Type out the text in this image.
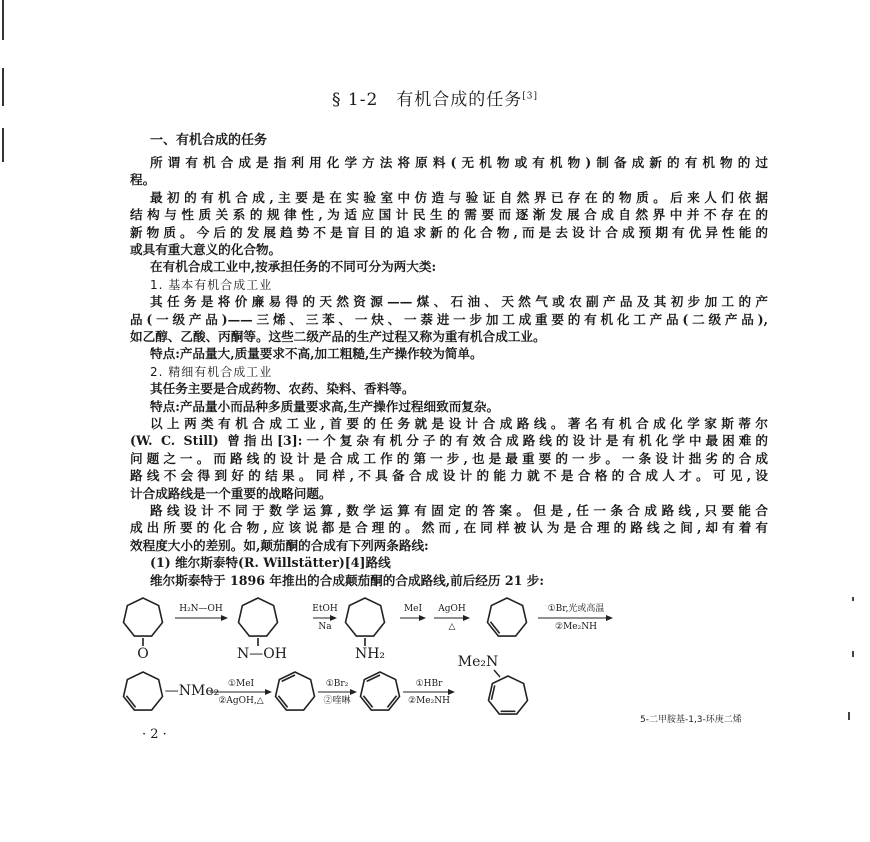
§ 1-2　有机合成的任务[3]
一、有机合成的任务
所谓有机合成是指利用化学方法将原料(无机物或有机物)制备成新的有机物的过
程。
最初的有机合成,主要是在实验室中仿造与验证自然界已存在的物质。后来人们依据
结构与性质关系的规律性,为适应国计民生的需要而逐渐发展合成自然界中并不存在的
新物质。今后的发展趋势不是盲目的追求新的化合物,而是去设计合成预期有优异性能的
或具有重大意义的化合物。
在有机合成工业中,按承担任务的不同可分为两大类:
1. 基本有机合成工业
其任务是将价廉易得的天然资源——煤、石油、天然气或农副产品及其初步加工的产
品(一级产品)——三烯、三苯、一炔、一萘进一步加工成重要的有机化工产品(二级产品),
如乙醇、乙酸、丙酮等。这些二级产品的生产过程又称为重有机合成工业。
特点:产品量大,质量要求不高,加工粗糙,生产操作较为简单。
2. 精细有机合成工业
其任务主要是合成药物、农药、染料、香料等。
特点:产品量小而品种多质量要求高,生产操作过程细致而复杂。
以上两类有机合成工业,首要的任务就是设计合成路线。著名有机合成化学家斯蒂尔
(W. C. Still) 曾指出[3]:一个复杂有机分子的有效合成路线的设计是有机化学中最困难的
问题之一。而路线的设计是合成工作的第一步,也是最重要的一步。一条设计拙劣的合成
路线不会得到好的结果。同样,不具备合成设计的能力就不是合格的合成人才。可见,设
计合成路线是一个重要的战略问题。
路线设计不同于数学运算,数学运算有固定的答案。但是,任一条合成路线,只要能合
成出所要的化合物,应该说都是合理的。然而,在同样被认为是合理的路线之间,却有着有
效程度大小的差别。如,颠茄酮的合成有下列两条路线:
(1) 维尔斯泰特(R. Willstätter)[4]路线
维尔斯泰特于 1896 年推出的合成颠茄酮的合成路线,前后经历 21 步:
O	N—OH	NH₂
—NMe₂
Me₂N
H₂N—OH	EtOH
Na
MeI AgOH
△
①Br,光或高温
②Me₂NH
①MeI
②AgOH,△
①Br₂
②喹啉
①HBr
②Me₂NH
5-二甲胺基-1,3-环庚二烯
· 2 ·
